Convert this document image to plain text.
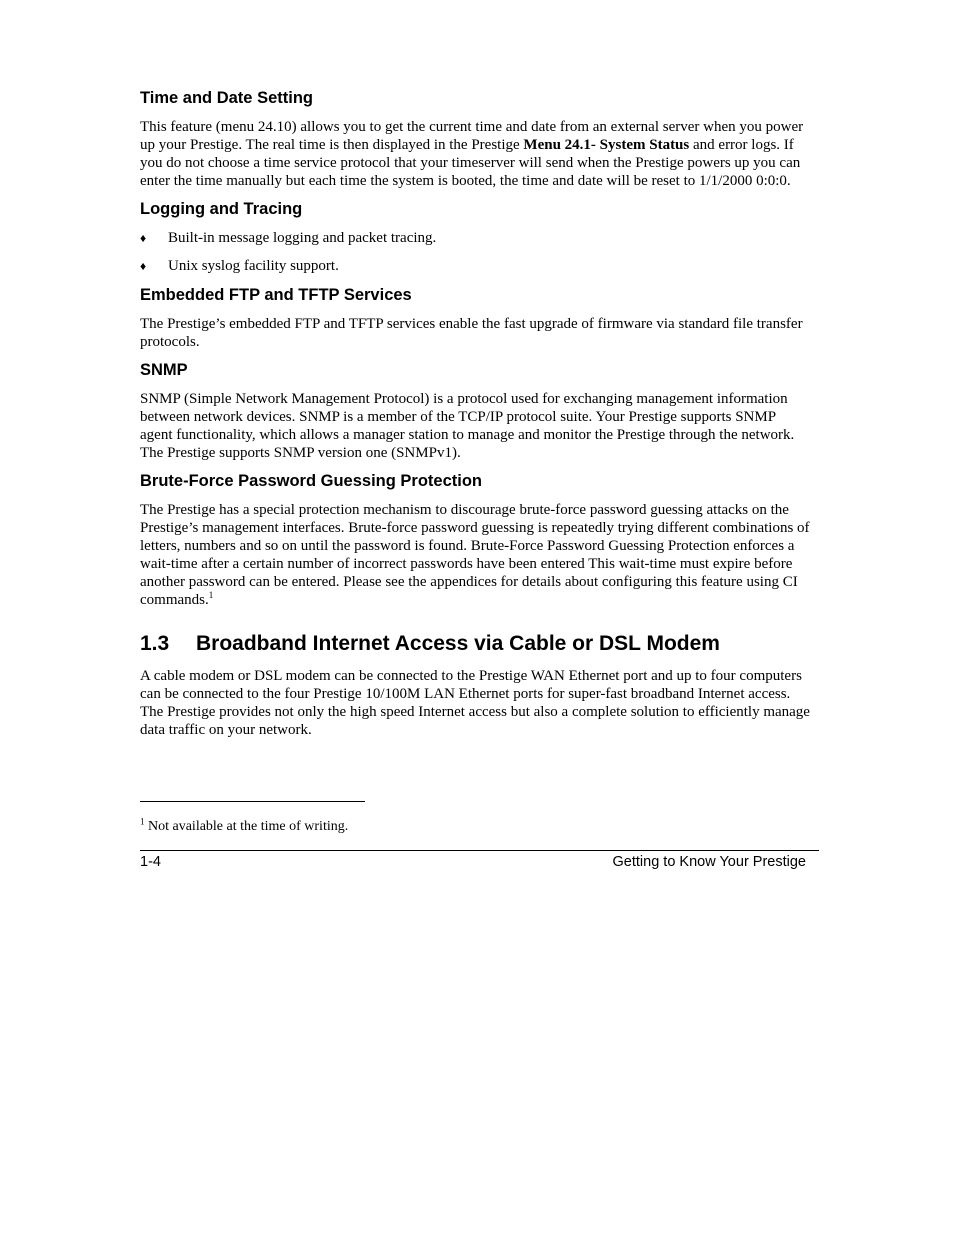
Time and Date Setting

This feature (menu 24.10) allows you to get the current time and date from an external server when you power up your Prestige. The real time is then displayed in the Prestige Menu 24.1- System Status and error logs. If you do not choose a time service protocol that your timeserver will send when the Prestige powers up you can enter the time manually but each time the system is booted, the time and date will be reset to 1/1/2000 0:0:0.

Logging and Tracing
♦ Built-in message logging and packet tracing.
♦ Unix syslog facility support.
Embedded FTP and TFTP Services

The Prestige’s embedded FTP and TFTP services enable the fast upgrade of firmware via standard file transfer protocols.

SNMP

SNMP (Simple Network Management Protocol) is a protocol used for exchanging management information between network devices. SNMP is a member of the TCP/IP protocol suite. Your Prestige supports SNMP agent functionality, which allows a manager station to manage and monitor the Prestige through the network. The Prestige supports SNMP version one (SNMPv1).

Brute-Force Password Guessing Protection

The Prestige has a special protection mechanism to discourage brute-force password guessing attacks on the Prestige’s management interfaces. Brute-force password guessing is repeatedly trying different combinations of letters, numbers and so on until the password is found. Brute-Force Password Guessing Protection enforces a wait-time after a certain number of incorrect passwords have been entered This wait-time must expire before another password can be entered. Please see the appendices for details about configuring this feature using CI commands.$^1$

1.3 Broadband Internet Access via Cable or DSL Modem

A cable modem or DSL modem can be connected to the Prestige WAN Ethernet port and up to four computers can be connected to the four Prestige 10/100M LAN Ethernet ports for super-fast broadband Internet access. The Prestige provides not only the high speed Internet access but also a complete solution to efficiently manage data traffic on your network.

$^1$ Not available at the time of writing.
1-4	Getting to Know Your Prestige
